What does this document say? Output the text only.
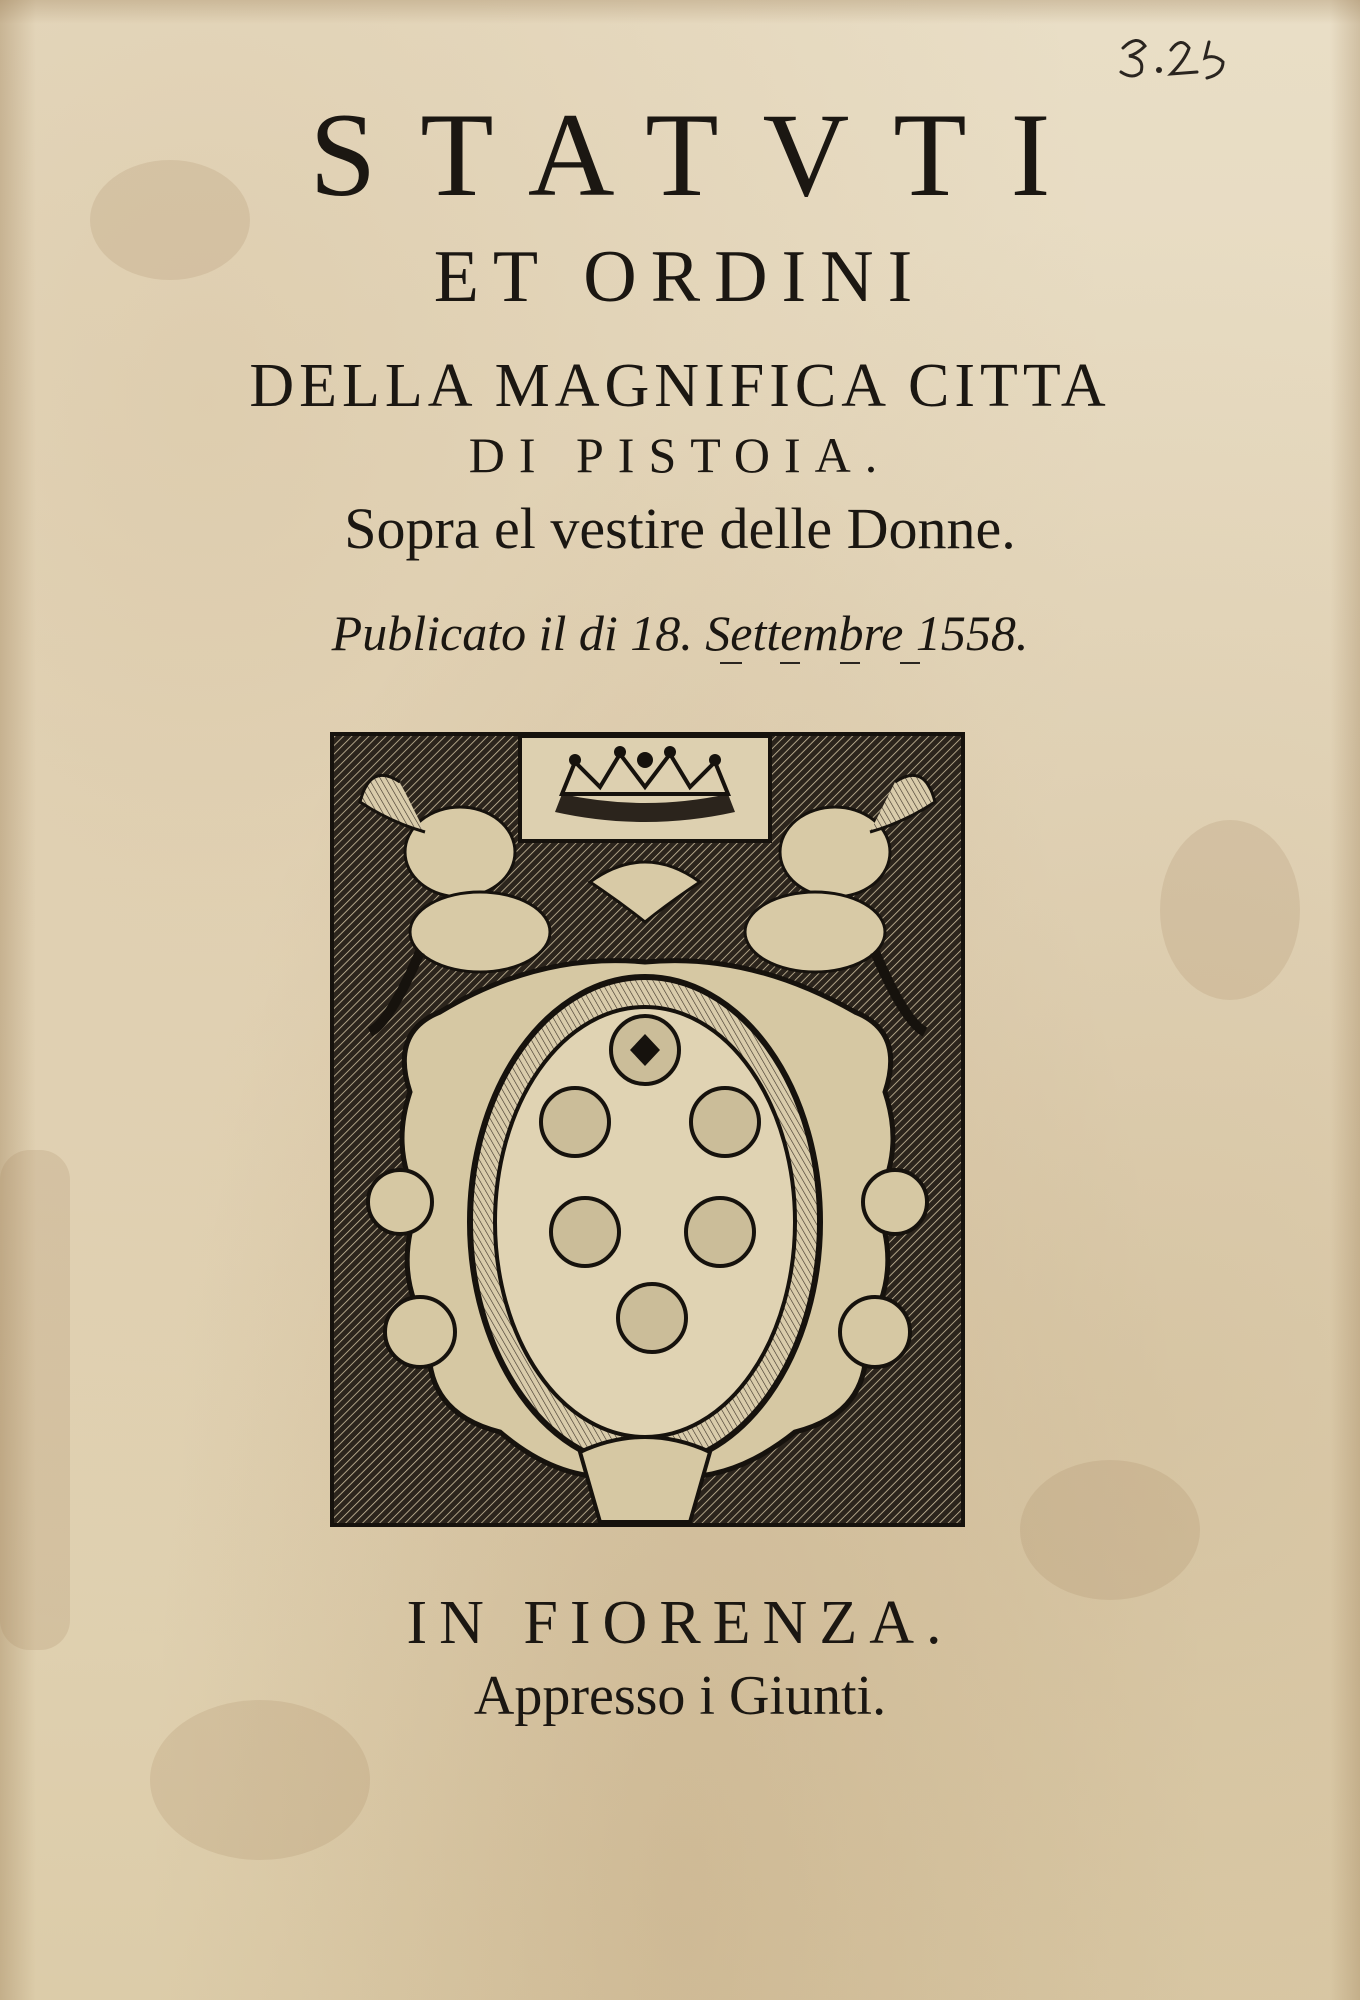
STATVTI
ET ORDINI
DELLA MAGNIFICA CITTA
DI PISTOIA.
Sopra el vestire delle Donne.
Publicato il di 18. Settembre 1558.
IN FIORENZA.
Appresso i Giunti.
